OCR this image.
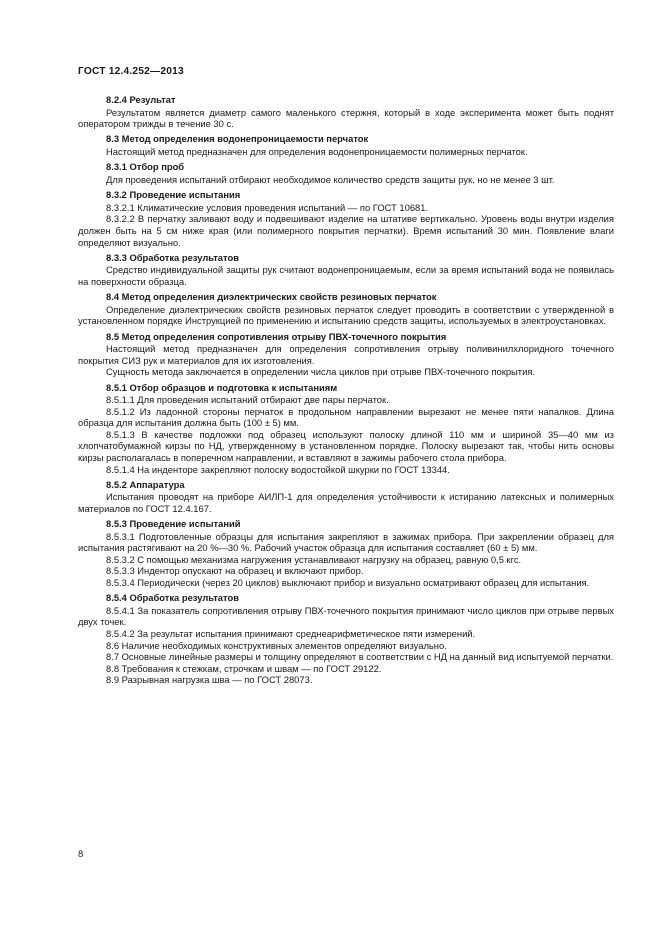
ГОСТ 12.4.252—2013

8.2.4 Результат

Результатом является диаметр самого маленького стержня, который в ходе эксперимента может быть поднят оператором трижды в течение 30 с.

8.3 Метод определения водонепроницаемости перчаток

Настоящий метод предназначен для определения водонепроницаемости полимерных перчаток.

8.3.1 Отбор проб

Для проведения испытаний отбирают необходимое количество средств защиты рук, но не менее 3 шт.

8.3.2 Проведение испытания

8.3.2.1 Климатические условия проведения испытаний — по ГОСТ 10681.

8.3.2.2 В перчатку заливают воду и подвешивают изделие на штативе вертикально. Уровень воды внутри изделия должен быть на 5 см ниже края (или полимерного покрытия перчатки). Время испытаний 30 мин. Появление влаги определяют визуально.

8.3.3 Обработка результатов

Средство индивидуальной защиты рук считают водонепроницаемым, если за время испытаний вода не появилась на поверхности образца.

8.4 Метод определения диэлектрических свойств резиновых перчаток

Определение диэлектрических свойств резиновых перчаток следует проводить в соответствии с утвержденной в установленном порядке Инструкцией по применению и испытанию средств защиты, используемых в электроустановках.

8.5 Метод определения сопротивления отрыву ПВХ-точечного покрытия

Настоящий метод предназначен для определения сопротивления отрыву поливинилхлоридного точечного покрытия СИЗ рук и материалов для их изготовления.

Сущность метода заключается в определении числа циклов при отрыве ПВХ-точечного покрытия.

8.5.1 Отбор образцов и подготовка к испытаниям

8.5.1.1 Для проведения испытаний отбирают две пары перчаток.

8.5.1.2 Из ладонной стороны перчаток в продольном направлении вырезают не менее пяти напалков. Длина образца для испытания должна быть (100 ± 5) мм.

8.5.1.3 В качестве подложки под образец используют полоску длиной 110 мм и шириной 35—40 мм из хлопчатобумажной кирзы по НД, утвержденному в установленном порядке. Полоску вырезают так, чтобы нить основы кирзы располагалась в поперечном направлении, и вставляют в зажимы рабочего стола прибора.

8.5.1.4 На инденторе закрепляют полоску водостойкой шкурки по ГОСТ 13344.

8.5.2 Аппаратура

Испытания проводят на приборе АИЛП-1 для определения устойчивости к истиранию латексных и полимерных материалов по ГОСТ 12.4.167.

8.5.3 Проведение испытаний

8.5.3.1 Подготовленные образцы для испытания закрепляют в зажимах прибора. При закреплении образец для испытания растягивают на 20 %—30 %. Рабочий участок образца для испытания составляет (60 ± 5) мм.

8.5.3.2 С помощью механизма нагружения устанавливают нагрузку на образец, равную 0,5 кгс.

8.5.3.3 Индентор опускают на образец и включают прибор.

8.5.3.4 Периодически (через 20 циклов) выключают прибор и визуально осматривают образец для испытания.

8.5.4 Обработка результатов

8.5.4.1 За показатель сопротивления отрыву ПВХ-точечного покрытия принимают число циклов при отрыве первых двух точек.

8.5.4.2 За результат испытания принимают среднеарифметическое пяти измерений.

8.6 Наличие необходимых конструктивных элементов определяют визуально.

8.7 Основные линейные размеры и толщину определяют в соответствии с НД на данный вид испытуемой перчатки.

8.8 Требования к стежкам, строчкам и швам — по ГОСТ 29122.

8.9 Разрывная нагрузка шва — по ГОСТ 28073.

8
